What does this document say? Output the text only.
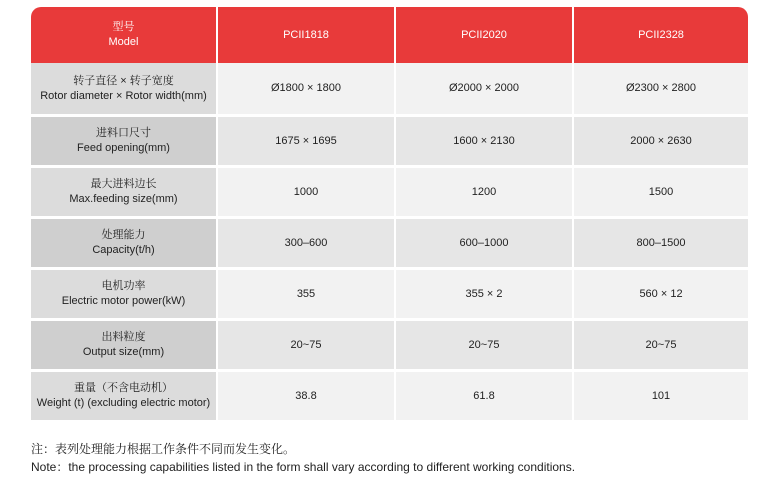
型号
Model
PCII1818	PCII2020	PCII2328
转子直径 × 转子宽度
Rotor diameter × Rotor width(mm)
Ø1800 × 1800	Ø2000 × 2000	Ø2300 × 2800
进料口尺寸
Feed opening(mm)
1675 × 1695	1600 × 2130	2000 × 2630
最大进料边长
Max.feeding size(mm)
1000	1200	1500
处理能力
Capacity(t/h)
300–600	600–1000	800–1500
电机功率
Electric motor power(kW)
355	355 × 2	560 × 12
出料粒度
Output size(mm)
20~75	20~75	20~75
重量（不含电动机）
Weight (t) (excluding electric motor)
38.8	61.8	101
注：表列处理能力根据工作条件不同而发生变化。
Note：the processing capabilities listed in the form shall vary according to different working conditions.
